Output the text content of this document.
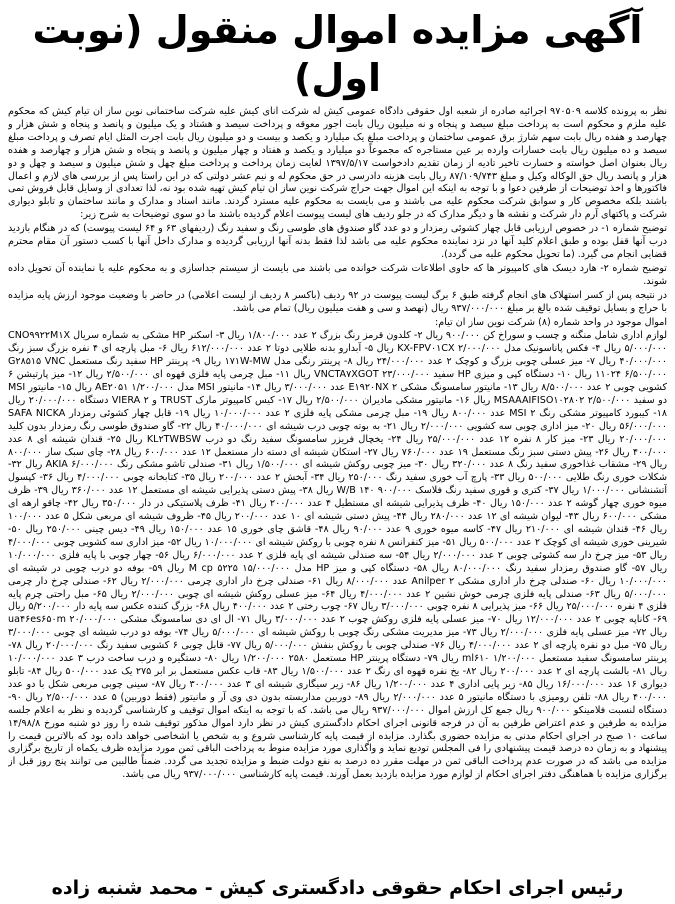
آگهی مزایده اموال منقول (نوبت اول)

نظر به پرونده کلاسه ۹۷۰۵۰۹ اجرائیه صادره از شعبه اول حقوقی دادگاه عمومی کیش له شرکت آنای کیش علیه شرکت ساختمانی نوین ساز ان تیام کیش که محکوم علیه ملزم و محکوم است به پرداخت مبلغ سیصد و پنجاه و نه میلیون ریال بابت اجور معوقه و پرداخت سیصد و هشتاد و یک میلیون و پانصد و پنجاه و شش هزار و چهارصد و هفده ریال بابت سهم شارژ برق عمومی ساختمان و پرداخت مبلغ یک میلیارد و یکصد و بیست و دو میلیون ریال بابت اجرت المثل ایام تصرف و پرداخت مبلغ سیصد و ده میلیون ریال بابت خسارات وارده بر عین مستاجره که مجموعاً دو میلیارد و یکصد و هفتاد و چهار میلیون و پانصد و پنجاه و شش هزار و چهارصد و هفده ریال بعنوان اصل خواسته و خسارت تاخیر تادیه از زمان تقدیم دادخواست ۱۳۹۷/۵/۱۷ لغایت زمان پرداخت و پرداخت مبلغ چهل و شش میلیون و سیصد و چهل و دو هزار و پانصد ریال حق الوکاله وکیل و مبلغ ۸۷/۱۰۹/۷۴۳ ریال بابت هزینه دادرسی در حق محکوم له و نیم عشر دولتی که در این راستا پس از بررسی های لازم و اعمال فاکتورها و اخذ توضیحات از طرفین دعوا و با توجه به اینکه این اموال جهت حراج شرکت نوین ساز ان تیام کیش تهیه شده بود نه، لذا تعدادی از وسایل قابل فروش تمی باشند بلکه مخصوص کار و سوابق شرکت محکوم علیه می باشند و می بایست به محکوم علیه مسترد گردند. مانند اسناد و مدارک و مانند ساختمان و تابلو دیواری شرکت و پاکتهای آرم دار شرکت و نقشه ها و دیگر مدارک که در جلو ردیف های لیست پیوست اعلام گردیده باشند ما دو سوی توضیحات به شرح زیر:

توضیح شماره ۱- در خصوص ارزیابی قابل چهار کشوئی رمزدار و دو عدد گاو صندوق های طوسی رنگ و سفید رنگ (ردیفهای ۶۳ و ۶۴ لیست پیوست) که در هنگام بازدید درب آنها قفل بوده و طبق اعلام کلید آنها در نزد نماینده محکوم علیه می باشد لذا فقط بدنه آنها ارزیابی گردیده و مدارک داخل آنها با کسب دستور آن مقام محترم قضایی انجام می گیرد. (ما تحویل محکوم علیه می گردد).

توضیح شماره ۲- هارد دیسک های کامپیوتر ها که حاوی اطلاعات شرکت خوانده می باشند می بایست از سیستم جداسازی و به محکوم علیه یا نماینده آن تحویل داده شوند.

در نتیجه پس از کسر استهلاک های انجام گرفته طبق ۶ برگ لیست پیوست در ۹۲ ردیف (باکسر ۸ ردیف از لیست اعلامی) در حاضر با وضعیت موجود ارزش پایه مزایده با حراج و بسایل توقیف شده بالغ بر مبلغ ۹۳۷/۰۰۰/۰۰۰ ریال (نهصد و سی و هفت میلیون ریال) تمام می باشد.

اموال موجود در واحد شماره (۸) شرکت نوین ساز ان تیام:

لوازم اداری شامل منگنه و چسب و سوراخ کن ۹۰۰/۰۰۰ ریال ۲- کلدون قرمز رنگ بزرگ ۲ عدد ۱/۸۰۰/۰۰۰ ریال ۳- اسکنر HP مشکی به شماره سریال CNO۹۹۲۲M۱X ۵/۰۰۰/۰۰۰ ریال ۴- فکس پاناسونیک مدل KX-FPV۰۱CX ۲/۰۰۰/۰۰۰ ریال ۵- آبدارو بدنه طلایی دوتا ۲ عدد ۶۱۲/۰۰۰/۰۰۰ ریال ۶- مبل پارچه ای ۴ نفره بزرگ سبز رنگ ۴۰/۰۰۰/۰۰۰ ریال ۷- میز عسلی چوبی بزرگ و کوچک ۲ عدد ۲۴/۰۰۰/۰۰۰ ریال ۸- پرینتر رنگی مدل ۱۷۱W-MW ریال ۹- پرینتر HP سفید رنگ مستعمل G۲۸۵۱۵ VNC ۱۱۰۲۴ ۶/۵۰۰/۰۰۰ ریال ۱۰- دستگاه کپی و میزی HP سفید VNCTA۷XGOT ۲۳/۰۰۰/۰۰۰ ریال ۱۱- مبل چرمی پایه فلزی قهوه ای ۲/۵۰۰/۰۰۰ ریال ۱۲- میز پارتیشن ۶ کشویی چوبی ۲ عدد ۸/۵۰۰/۰۰۰ ریال ۱۳- مانیتور سامسونگ مشکی E۱۹۲۰NX ۲ عدد ۳/۰۰۰/۰۰۰ ریال ۱۴- مانیتور MSI مدل AE۲۰۵۱ ۱/۲۰۰/۰۰۰ ریال ۱۵- مانیتور MSI دو سفید MSAAAIFISO۱۰۲۸۰۲ ۲/۵۰۰/۰۰۰ ریال ۱۶- مانیتور مشکی مادیران ۲/۵۰۰/۰۰۰ ریال ۱۷- کیس کامپیوتر مارک TRUST و VIERA ۲ دستگاه ۲۰/۰۰۰/۰۰۰ ریال ۱۸- کیبورد کامپیوتر مشکی رنگ MSI ۲ عدد ۸۰۰/۰۰۰ ریال ۱۹- مبل چرمی مشکی پایه فلزی ۲ عدد ۱۰/۰۰۰/۰۰۰ ریال ۱۹- قابل چهار کشوئی رمزدار SAFA NICKA ۵۶/۰۰۰/۰۰۰ ریال ۲۰- میز اداری چوبی سه کشویی ۲/۰۰۰/۰۰۰ ریال ۲۱- به بوته چوبی درب شیشه ای ۴۰/۰۰۰/۰۰۰ ریال ۲۲- گاو صندوق طوسی رنگ رمزدار بدون کلید ۲۰/۰۰۰/۰۰۰ ریال ۲۳- میز کار ۸ نفره ۱۲ عدد ۲۵/۰۰۰/۰۰۰ ریال ۲۴- یخچال فریزر سامسونگ سفید رنگ دو درب KL۲TWBSW ریال ۲۵- قندان شیشه ای ۸ عدد ۴۰۰/۰۰۰ ریال ۲۶- پیش دستی سبز رنگ مستعمل ۱۹ عدد ۷۶۰/۰۰۰ ریال ۲۷- استکان شیشه ای دسته دار مستعمل ۱۲ عدد ۶۰۰/۰۰۰ ریال ۲۸- چای سبک ساز ۸۰۰/۰۰۰ ریال ۲۹- مشقاب غذاخوری سفید رنگ ۸ عدد ۳۲۰/۰۰۰ ریال ۳۰- میز چوبی روکش شیشه ای ۱/۵۰۰/۰۰۰ ریال ۳۱- صندلی تاشو مشکی رنگ AKIA ۶/۰۰۰/۰۰۰ ریال ۳۲- شکلات خوری رنگ طلایی ۵۰۰/۰۰۰ ریال ۳۳- پارچ آب خوری سفید رنگ ۲۵۰/۰۰۰ ریال ۳۴- آبخش ۲ عدد ۲۰۰/۰۰۰ ریال ۳۵- کتابخانه چوبی ۴/۰۰۰/۰۰۰ ریال ۳۶- کپسول آتشنشانی ۱/۰۰۰/۰۰۰ ریال ۳۷- کتری و قوری سفید رنگ فلاسک W/B ۱۴۰ ۹۰۰/۰۰۰ ریال ۳۸- پیش دستی پذیرایی شیشه ای مستعمل ۱۲ عدد ۳۶۰/۰۰۰ ریال ۳۹- ظرف میوه خوری چهار گوشه ۲ عدد ۱۵۰/۰۰۰ ریال ۴۰- ظرف پذیرایی شیشه ای مستطیل ۴ عدد ۲۰۰/۰۰۰ ریال ۴۱- ظرف پلاستیکی در دار ۳۵۰/۰۰۰ ریال ۴۲- چاقو ارهه ای مشکی ۶۰۰/۰۰۰ ریال ۴۳- لیوان شیشه ای ۱۲ عدد ۲۸۰/۰۰۰ ریال ۴۴- پیش دستی شیشه ای ۱۰ عدد ۲۰۰/۰۰۰ ریال ۴۵- ظروف شیشه ای مربعی شکل ۵ عدد ۱۰۰/۰۰۰ ریال ۴۶- قندان شیشه ای ۲۱۰/۰۰۰ ریال ۴۷- کاسه میوه خوری ۹ عدد ۹۰/۰۰۰ ریال ۴۸- قاشق چای خوری ۱۵ عدد ۱۵۰/۰۰۰ ریال ۴۹- دیس چینی ۲۵۰/۰۰۰ ریال ۵۰- شیرینی خوری شیشه ای کوچک ۲ عدد ۵۰۰/۰۰۰ ریال ۵۱- میز کنفرانس ۸ نفره چوبی با روکش شیشه ای ۱۰/۰۰۰/۰۰۰ ریال ۵۲- میز اداری سه کشویی چوبی ۴/۰۰۰/۰۰۰ ریال ۵۳- میز چرخ دار سه کشوئی چوبی ۲ عدد ۲/۰۰۰/۰۰۰ ریال ۵۴- سه صندلی شیشه ای پایه فلزی ۲ عدد ۶/۰۰۰/۰۰۰ ریال ۵۶- چهار چوبی با پایه فلزی ۱۰/۰۰۰/۰۰۰ ریال ۵۷- گاو صندوق رمزدار سفید رنگ ۸۰/۰۰۰/۰۰۰ ریال ۵۸- دستگاه کپی و میز HP مدل M cp ۵۲۲۵ ۱۵/۰۰۰/۰۰۰ ریال ۵۹- بوفه دو درب چوبی در شیشه ای ۱۰/۰۰۰/۰۰۰ ریال ۶۰- صندلی چرخ دار اداری مشکی Anilper ۲ عدد ۸/۰۰۰/۰۰۰ ریال ۶۱- صندلی چرخ دار اداری چرمی ۲/۰۰۰/۰۰۰ ریال ۶۲- صندلی چرخ دار چرمی ۵/۰۰۰/۰۰۰ ریال ۶۳- صندلی پایه فلزی چرمی خوش نشین ۲ عدد ۴/۰۰۰/۰۰۰ ریال ۶۴- میز عسلی روکش شیشه ای چوبی ۲/۰۰۰/۰۰۰ ریال ۶۵- مبل راحتی چرم پایه فلزی ۴ نفره ۲۵/۰۰۰/۰۰۰ ریال ۶۶- میز پذیرایی ۸ نفره چوبی ۳/۰۰۰/۰۰۰ ریال ۶۷- چوب رختی ۲ عدد ۴۰۰/۰۰۰ ریال ۶۸- بزرگ کننده عکس سه پایه دار ۵/۲۰۰/۰۰۰ ریال ۶۹- کاناپه چوبی ۲ عدد ۱۲/۰۰۰/۰۰۰ ریال ۷۰- میز عسلی پایه فلزی روکش چوب ۲ عدد ۳/۰۰۰/۰۰۰ ریال ۷۱- ال ای دی سامسونگ مشکی ua۴۶es۶۵۰m ۲۰/۰۰۰/۰۰۰ ریال ۷۲- میز عسلی پایه فلزی ۲/۰۰۰/۰۰۰ ریال ۷۳- میز مدیریت مشکی رنگ چوبی با روکش شیشه ای ۵/۰۰۰/۰۰۰ ریال ۷۴- بوفه دو درب شیشه ای چوبی ۳/۰۰۰/۰۰۰ ریال ۷۵- مبل دو نفره پارچه ای ۲ عدد ۴/۰۰۰/۰۰۰ ریال ۷۶- صندلی چوبی با روکش بنفش ۵/۰۰۰/۰۰۰ ریال ۷۷- قابل چوبی ۶ کشویی سفید رنگ ۲۰/۰۰۰/۰۰۰ ریال ۷۸- پرینتر سامسونگ سفید مستعمل ml۶۱۰ ۱/۲۰۰/۰۰۰ ریال ۷۹- دستگاه پرینتر HP مستعمل ۲۵۸۰ ۱/۲۰۰/۰۰۰ ریال ۸۰- دستگیره و درب ساخت درب ۳ عدد ۱۰/۰۰۰/۰۰۰ ریال ۸۱- بالشت پارچه ای ۲ عدد ۲۰۰/۰۰۰ ریال ۸۲- یخ نفره قهوه ای رنگ ۲ عدد ۱/۵۰۰/۰۰۰ ریال ۸۳- قاب عکس مستعمل بر ابر ۲۷۵ یک عدد ۵۰۰/۰۰۰ ریال ۸۴- تابلو دیواری ۱۶ عدد ۱۶/۰۰۰/۰۰۰ ریال ۸۵- زیر پایی اداری ۴ عدد ۱/۲۰۰/۰۰۰ ریال ۸۶- زیر سیگاری شیشه ای ۳ عدد ۳۰۰/۰۰۰ ریال ۸۷- سینی چوبی مربعی شکل با دو عدد ۴۰۰/۰۰۰ ریال ۸۸- تلفن رومیزی با دستگاه مانیتور ۵ عدد ۲/۰۰۰/۰۰۰ ریال ۸۹- دوربین مداربسته بدون دی وی آر و مانیتور (فقط دوربین) ۵ عدد ۲/۵۰۰/۰۰۰ ریال ۹۰- دستگاه لنسبت فلامینکو ۹۰۰/۰۰۰ ریال جمع کل ارزش اموال ۹۳۷/۰۰۰/۰۰۰ ریال می باشد. که با توجه به اینکه اموال توقیف و کارشناسی گردیده و نظر به اعلام جلسه مزایده به طرفین و عدم اعتراض طرفین به آن در فرجه قانونی اجرای احکام دادگستری کیش در نظر دارد اموال مذکور توقیف شده را روز دو شنبه مورخ ۱۴/۹۸/۸ ساعت ۱۰ صبح در اجرای احکام مدنی به مزایده حضوری بگذارد. مزایده از قیمت پایه کارشناسی شروع و به شخص یا اشخاصی خواهد داده بود که بالاترین قیمت را پیشنهاد و به زمان ده درصد قیمت پیشنهادی را فی المجلس تودیع نماید و واگذاری مورد مزایده منوط به پرداخت الباقی ثمن مورد مزایده ظرف یکماه از تاریخ برگزاری مزایده می باشد که در صورت عدم پرداخت الباقی ثمن در مهلت مقرر ده درصد به نفع دولت ضبط و مزایده تجدید می گردد. ضمناً طالبین می توانند پنج روز قبل از برگزاری مزایده با هماهنگی دفتر اجرای احکام از لوازم مورد مزایده بازدید بعمل آورند. قیمت پایه کارشناسی ۹۳۷/۰۰۰/۰۰۰ ریال می باشد.

رئیس اجرای احکام حقوقی دادگستری کیش - محمد شنبه زاده
